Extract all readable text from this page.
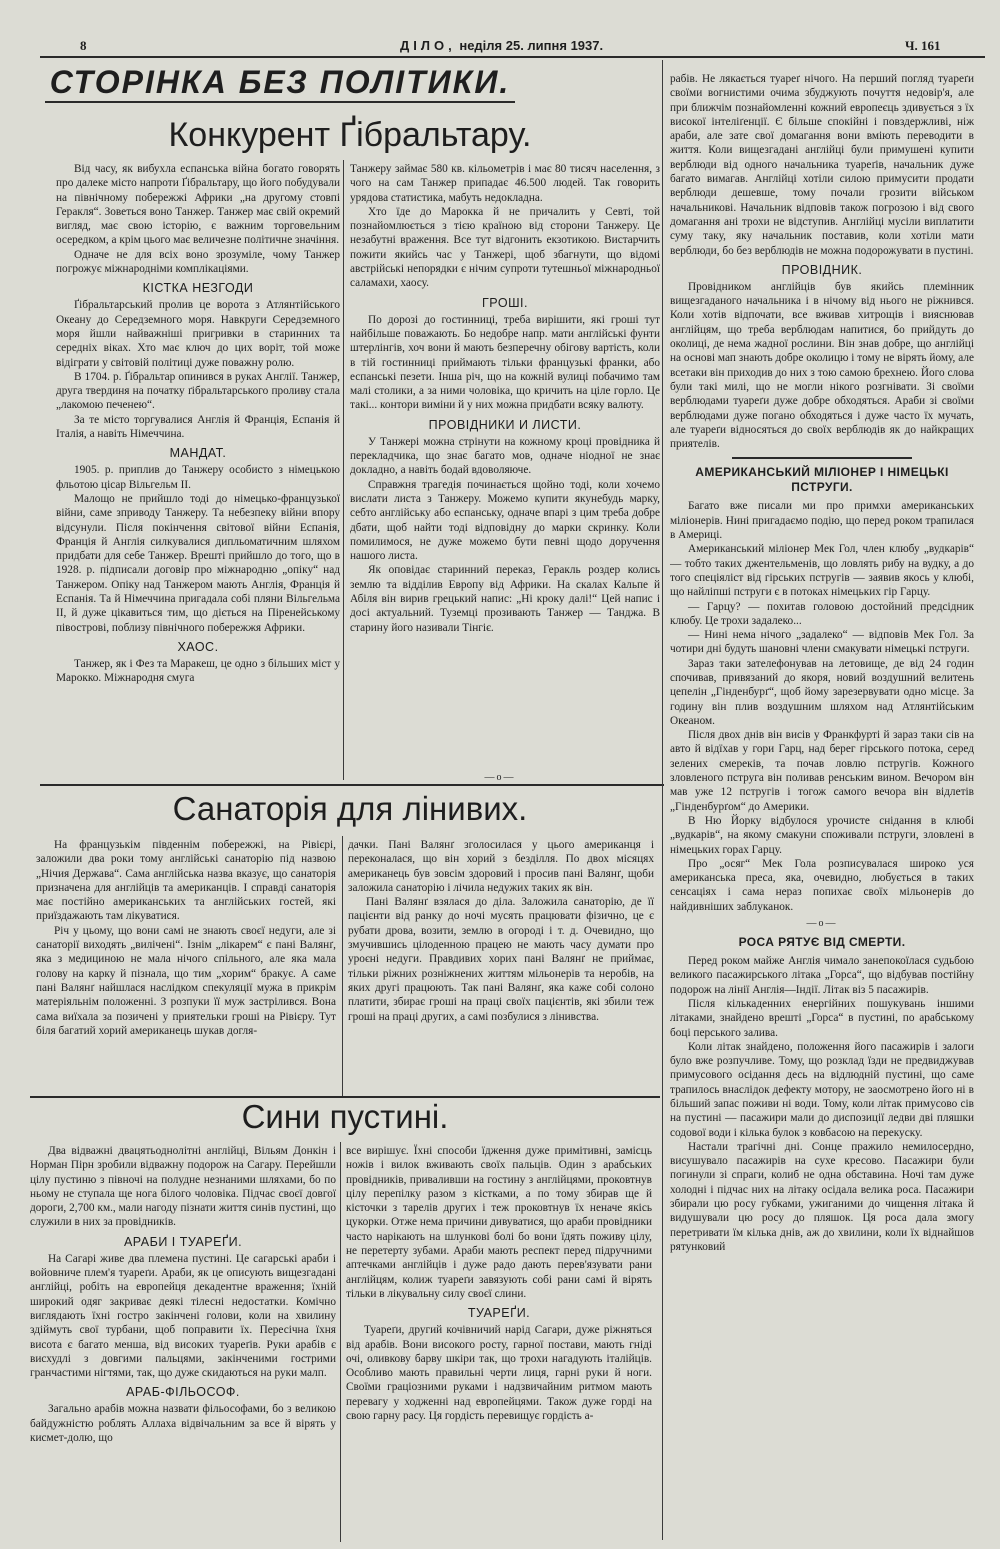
8	ДІЛО, неділя 25. липня 1937.	Ч. 161
СТОРІНКА БЕЗ ПОЛІТИКИ.
Конкурент Ґібральтару.

Від часу, як вибухла еспанська війна богато говорять про далеке місто напроти Ґібральтару, що його побудували на північному побережжі Африки „на другому стовпі Геракля“. Зоветься воно Танжер. Танжер має свій окремий вигляд, має свою історію, є важним торговельним осередком, а крім цього має величезне політичне значіння.

Одначе не для всіх воно зрозуміле, чому Танжер погрожує міжнародніми комплікаціями.

КІСТКА НЕЗГОДИ

Ґібральтарський пролив це ворота з Атлянтійського Океану до Середземного моря. Навкруги Середземного моря йшли найважніші пригривки в старинних та середніх віках. Хто має ключ до цих воріт, той може відіграти у світовій політиці дуже поважну ролю.

В 1704. р. Ґібральтар опинився в руках Англії. Танжер, друга твердиня на початку ґібральтарського проливу стала „лакомою печенею“.

За те місто торгувалися Англія й Франція, Еспанія й Італія, а навіть Німеччина.

МАНДАТ.

1905. р. приплив до Танжеру особисто з німецькою фльотою цісар Вільгельм II.

Малощо не прийшло тоді до німецько-французької війни, саме зприводу Танжеру. Та небезпеку війни впору відсунули. Після покінчення світової війни Еспанія, Франція й Англія силкувалися дипльоматичним шляхом придбати для себе Танжер. Врешті прийшло до того, що в 1928. р. підписали договір про міжнародню „опіку“ над Танжером. Опіку над Танжером мають Англія, Франція й Еспанія. Та й Німеччина пригадала собі пляни Вільгельма II, й дуже цікавиться тим, що діється на Піренейському півострові, поблизу північного побережжя Африки.

ХАОС.

Танжер, як і Фез та Маракеш, це одно з більших міст у Марокко. Міжнародня смуга

Танжеру займає 580 кв. кільометрів і має 80 тисяч населення, з чого на сам Танжер припадає 46.500 людей. Так говорить урядова статистика, мабуть недокладна.

Хто їде до Марокка й не причалить у Севті, той познайомлюється з тією країною від сторони Танжеру. Це незабутні враження. Все тут відгонить екзотикою. Вистарчить пожити якийсь час у Танжері, щоб збагнути, що відомі австрійські непорядки є нічим супроти тутешньої міжнародньої саламахи, хаосу.

ГРОШІ.

По дорозі до гостинниці, треба вирішити, які гроші тут найбільше поважають. Бо недобре напр. мати англійські фунти штерлінгів, хоч вони й мають безперечну обігову вартість, коли в тій гостинниці приймають тільки французькі франки, або еспанські пезети. Інша річ, що на кожній вулиці побачимо там малі столики, а за ними чоловіка, що кричить на ціле горло. Це такі... контори виміни й у них можна придбати всяку валюту.

ПРОВІДНИКИ И ЛИСТИ.

У Танжері можна стрінути на кожному кроці провідника й перекладчика, що знає багато мов, одначе ніодної не знає докладно, а навіть бодай вдоволяюче.

Справжня трагедія починається щойно тоді, коли хочемо вислати листа з Танжеру. Можемо купити якунебудь марку, себто англійську або еспанську, одначе впарі з цим треба добре дбати, щоб найти тоді відповідну до марки скринку. Коли помилимося, не дуже можемо бути певні щодо доручення нашого листа.

Як оповідає старинний переказ, Геракль роздер колись землю та відділив Европу від Африки. На скалах Кальпе й Абіля він вирив грецький напис: „Ні кроку далі!“ Цей напис і досі актуальний. Туземці прозивають Танжер — Танджа. В старину його називали Тінгіє.

—o—
Санаторія для лінивих.

На французькім південнім побережжі, на Рівієрі, заложили два роки тому англійські санаторію під назвою „Нічия Держава“. Сама англійська назва вказує, що санаторія призначена для англійців та американців. І справді санаторія має постійно американських та англійських гостей, які приїздажають там лікуватися.

Річ у цьому, що вони самі не знають своєї недуги, але зі санаторії виходять „вилічені“. Ізнім „лікарем“ є пані Валянґ, яка з медициною не мала нічого спільного, але яка мала голову на карку й пізнала, що тим „хорим“ бракує. А саме пані Валянґ найшлася наслідком спекуляції мужа в прикрім матеріяльнім положенні. З розпуки її муж застрілився. Вона сама виїхала за позичені у приятельки гроші на Рівієру. Тут біля багатий хорий американець шукав догля-

дачки. Пані Валянґ зголосилася у цього американця і переконалася, що він хорий з безділля. По двох місяцях американець був зовсім здоровий і просив пані Валянґ, щоби заложила санаторію і лічила недужих таких як він.

Пані Валянґ взялася до діла. Заложила санаторію, де її пацієнти від ранку до ночі мусять працювати фізично, це є рубати дрова, возити, землю в огороді і т. д. Очевидно, що змучившись цілоденною працею не мають часу думати про уроєні недуги. Правдивих хорих пані Валянґ не приймає, тільки ріжних розніжнених життям мільонерів та неробів, на яких другі працюють. Так пані Валянґ, яка каже собі солоно платити, збирає гроші на праці своїх пацієнтів, які збили теж гроші на праці других, а самі позбулися з лінивства.

Сини пустині.

Два відважні двацятьоднолітні англійці, Вільям Донкін і Норман Пірн зробили відважну подорож на Сагару. Перейшли цілу пустиню з півночі на полудне незнаними шляхами, бо по ньому не ступала ще нога білого чоловіка. Підчас своєї довгої дороги, 2,700 км., мали нагоду пізнати життя синів пустині, що служили в них за провідників.

АРАБИ І ТУАРЕҐИ.

На Сагарі живе два племена пустині. Це сагарські араби і войовниче плем'я туареґи. Араби, як це описують вищезгадані англійці, робіть на европейця декадентне враження; їхній широкий одяг закриває деякі тілесні недостатки. Комічно виглядають їхні гостро закінчені голови, коли на хвилину здіймуть свої турбани, щоб поправити їх. Пересічна їхня висота є багато менша, від високих туареґів. Руки арабів є висхудлі з довгими пальцями, закінченими гострими гранчастими нігтями, так, що дуже скидаються на руки малп.

АРАБ-ФІЛЬОСОФ.

Загально арабів можна назвати фільософами, бо з великою байдужністю роблять Аллаха відвічальним за все й вірять у кисмет-долю, що

все вирішує. Їхні способи їдження дуже примітивні, замісць ножів і вилок вживають своїх пальців. Один з арабських провідників, приваливши на гостину з англійцями, проковтнув цілу перепілку разом з кістками, а по тому збирав ще й кісточки з тарелів других і теж проковтнув їх неначе якісь цукорки. Отже нема причини дивуватися, що араби провідники часто нарікають на шлункові болі бо вони їдять поживу цілу, не перетерту зубами. Араби мають респект перед підручними аптечками англійців і дуже радо дають перев'язувати рани англійцям, колиж туареґи завязують собі рани самі й вірять тільки в лікувальну силу своєї слини.

ТУАРЕҐИ.

Туареґи, другий кочівничий нарід Сагари, дуже ріжняться від арабів. Вони високого росту, гарної постави, мають гніді очі, оливкову барву шкіри так, що трохи нагадують італійців. Особливо мають правильні черти лиця, гарні руки й ноги. Своїми граціозними руками і надзвичайним ритмом мають перевагу у ходженні над европейцями. Також дуже горді на свою гарну расу. Ця гордість перевищує гордість а-

рабів. Не лякається туареґ нічого. На перший погляд туареґи своїми вогнистими очима збуджують почуття недовір'я, але при ближчім познайомленні кожний европеєць здивується з їх високої інтеліґенції. Є більше спокійні і повздержливі, ніж араби, але зате свої домагання вони вміють переводити в життя. Коли вищезгадані англійці були примушені купити верблюди від одного начальника туареґів, начальник дуже багато вимагав. Англійці хотіли силою примусити продати верблюди дешевше, тому почали грозити військом начальникові. Начальник відповів також погрозою і від свого домагання ані трохи не відступив. Англійці мусіли виплатити суму таку, яку начальник поставив, коли хотіли мати верблюди, бо без верблюдів не можна подорожувати в пустині.

ПРОВІДНИК.

Провідником англійців був якийсь племінник вищезгаданого начальника і в нічому від нього не ріжнився. Коли хотів відпочати, все вживав хитрощів і вияснював англійцям, що треба верблюдам напитися, бо прийдуть до околиці, де нема жадної рослини. Він знав добре, що англійці на основі мап знають добре околицю і тому не вірять йому, але всетаки він приходив до них з тою самою брехнею. Його слова були такі милі, що не могли нікого розгнівати. Зі своїми верблюдами туареґи дуже добре обходяться. Араби зі своїми верблюдами дуже погано обходяться і дуже часто їх мучать, але туареґи відносяться до своїх верблюдів як до найкращих приятелів.

АМЕРИКАНСЬКИЙ МІЛІОНЕР І НІМЕЦЬКІ ПСТРУГИ.

Багато вже писали ми про примхи американських міліонерів. Нині пригадаємо подію, що перед роком трапилася в Америці.

Американський міліонер Мек Гол, член клюбу „вудкарів“ — тобто таких джентельменів, що ловлять рибу на вудку, а до того спеціяліст від гірських пстругів — заявив якось у клюбі, що найліпші пструги є в потоках німецьких гір Гарцу.

— Гарцу? — похитав головою достойний предсідник клюбу. Це трохи задалеко...

— Нині нема нічого „задалеко“ — відповів Мек Гол. За чотири дні будуть шановні члени смакувати німецькі пструги.

Зараз таки зателефонував на летовище, де від 24 годин спочивав, привязаний до якоря, новий воздушний велитень цепелін „Гінденбурґ“, щоб йому зарезервувати одно місце. За годину він плив воздушним шляхом над Атлянтійським Океаном.

Після двох днів він висів у Франкфурті й зараз таки сів на авто й відїхав у гори Гарц, над берег гірського потока, серед зелених смереків, та почав ловлю пстругів. Кожного зловленого пструга він поливав ренським вином. Вечором він мав уже 12 пстругів і тогож самого вечора він відлетів „Гінденбурґом“ до Америки.

В Ню Йорку відбулося урочисте снідання в клюбі „вудкарів“, на якому смакуни споживали пструги, зловлені в німецьких горах Гарцу.

Про „осяг“ Мек Гола розписувалася широко уся американська преса, яка, очевидно, любується в таких сенсаціях і сама нераз попихає своїх мільонерів до найдивніших заблуканок.

—o—
РОСА РЯТУЄ ВІД СМЕРТИ.

Перед роком майже Англія чимало занепокоїлася судьбою великого пасажирського літака „Горса“, що відбував постійну подорож на лінії Англія—Індії. Літак віз 5 пасажирів.

Після кількаденних енергійних пошукувань іншими літаками, знайдено врешті „Горса“ в пустині, по арабському боці перського залива.

Коли літак знайдено, положення його пасажирів і залоги було вже розпучливе. Тому, що розклад їзди не предвиджував примусового осідання десь на відлюдній пустині, що саме трапилось внаслідок дефекту мотору, не заосмотрено його ні в більший запас поживи ні води. Тому, коли літак примусово сів на пустині — пасажири мали до диспозиції ледви дві пляшки содової води і кілька булок з ковбасою на перекуску.

Настали трагічні дні. Сонце пражило немилосердно, висушувало пасажирів на сухе кресово. Пасажири були погинули зі спраги, колиб не одна обставина. Ночі там дуже холодні і підчас них на літаку осідала велика роса. Пасажири збирали цю росу губками, ужиганими до чищення літака й видушували цю росу до пляшок. Ця роса дала змогу перетривати їм кілька днів, аж до хвилини, коли їх віднайшов рятунковий
